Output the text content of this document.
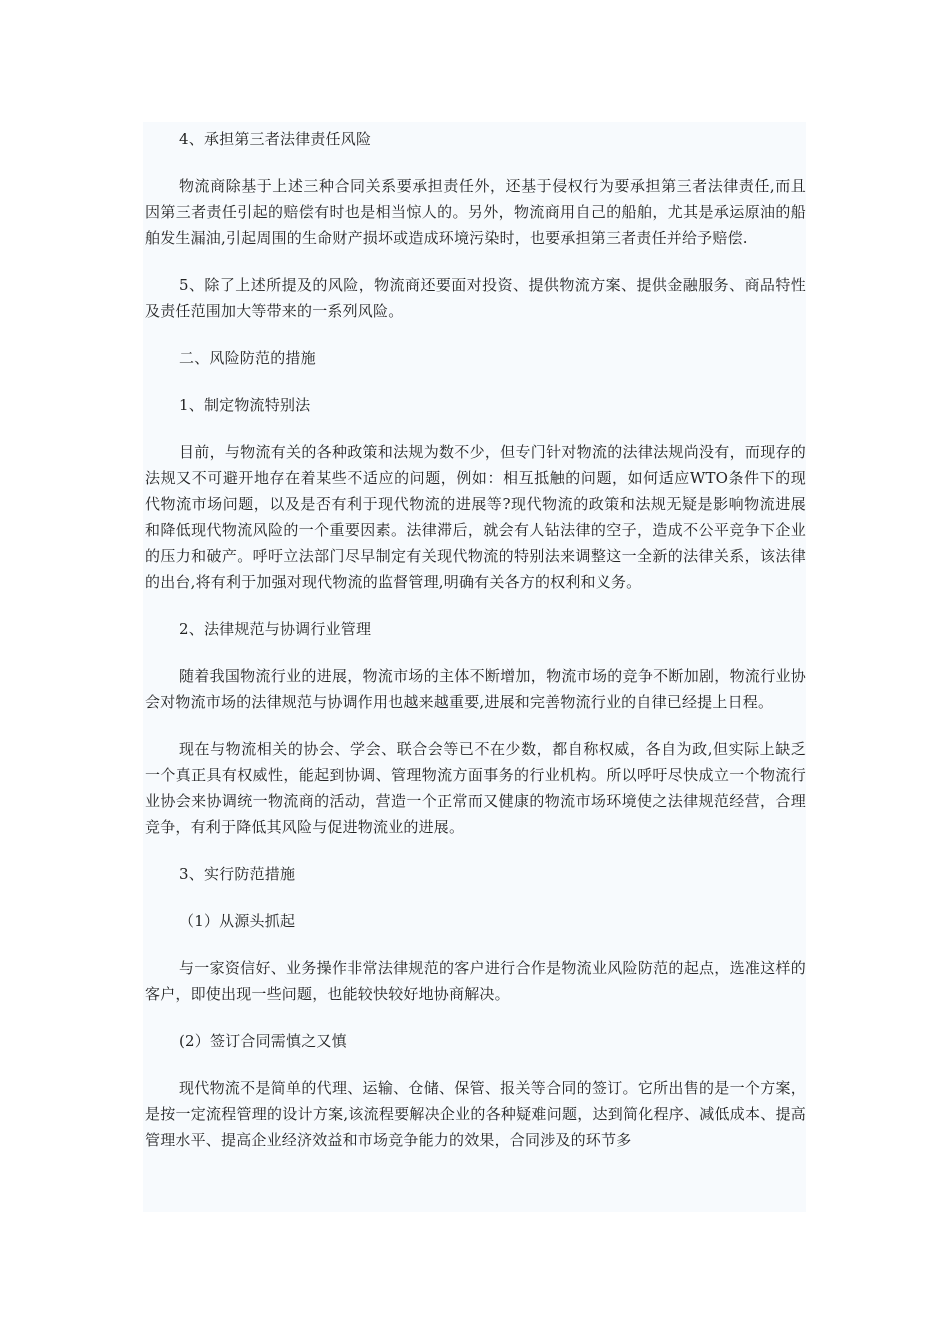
4、承担第三者法律责任风险

物流商除基于上述三种合同关系要承担责任外，还基于侵权行为要承担第三者法律责任,而且因第三者责任引起的赔偿有时也是相当惊人的。另外，物流商用自己的船舶，尤其是承运原油的船舶发生漏油,引起周围的生命财产损坏或造成环境污染时，也要承担第三者责任并给予赔偿.

5、除了上述所提及的风险，物流商还要面对投资、提供物流方案、提供金融服务、商品特性及责任范围加大等带来的一系列风险。

二、风险防范的措施

1、制定物流特别法

目前，与物流有关的各种政策和法规为数不少，但专门针对物流的法律法规尚没有，而现存的法规又不可避开地存在着某些不适应的问题，例如：相互抵触的问题，如何适应WTO条件下的现代物流市场问题，以及是否有利于现代物流的进展等?现代物流的政策和法规无疑是影响物流进展和降低现代物流风险的一个重要因素。法律滞后，就会有人钻法律的空子，造成不公平竞争下企业的压力和破产。呼吁立法部门尽早制定有关现代物流的特别法来调整这一全新的法律关系，该法律的出台,将有利于加强对现代物流的监督管理,明确有关各方的权利和义务。

2、法律规范与协调行业管理

随着我国物流行业的进展，物流市场的主体不断增加，物流市场的竞争不断加剧，物流行业协会对物流市场的法律规范与协调作用也越来越重要,进展和完善物流行业的自律已经提上日程。

现在与物流相关的协会、学会、联合会等已不在少数，都自称权威，各自为政,但实际上缺乏一个真正具有权威性，能起到协调、管理物流方面事务的行业机构。所以呼吁尽快成立一个物流行业协会来协调统一物流商的活动，营造一个正常而又健康的物流市场环境使之法律规范经营，合理竞争，有利于降低其风险与促进物流业的进展。

3、实行防范措施

（1）从源头抓起

与一家资信好、业务操作非常法律规范的客户进行合作是物流业风险防范的起点，选准这样的客户，即使出现一些问题，也能较快较好地协商解决。

(2）签订合同需慎之又慎

现代物流不是简单的代理、运输、仓储、保管、报关等合同的签订。它所出售的是一个方案，是按一定流程管理的设计方案,该流程要解决企业的各种疑难问题，达到简化程序、减低成本、提高管理水平、提高企业经济效益和市场竞争能力的效果，合同涉及的环节多
